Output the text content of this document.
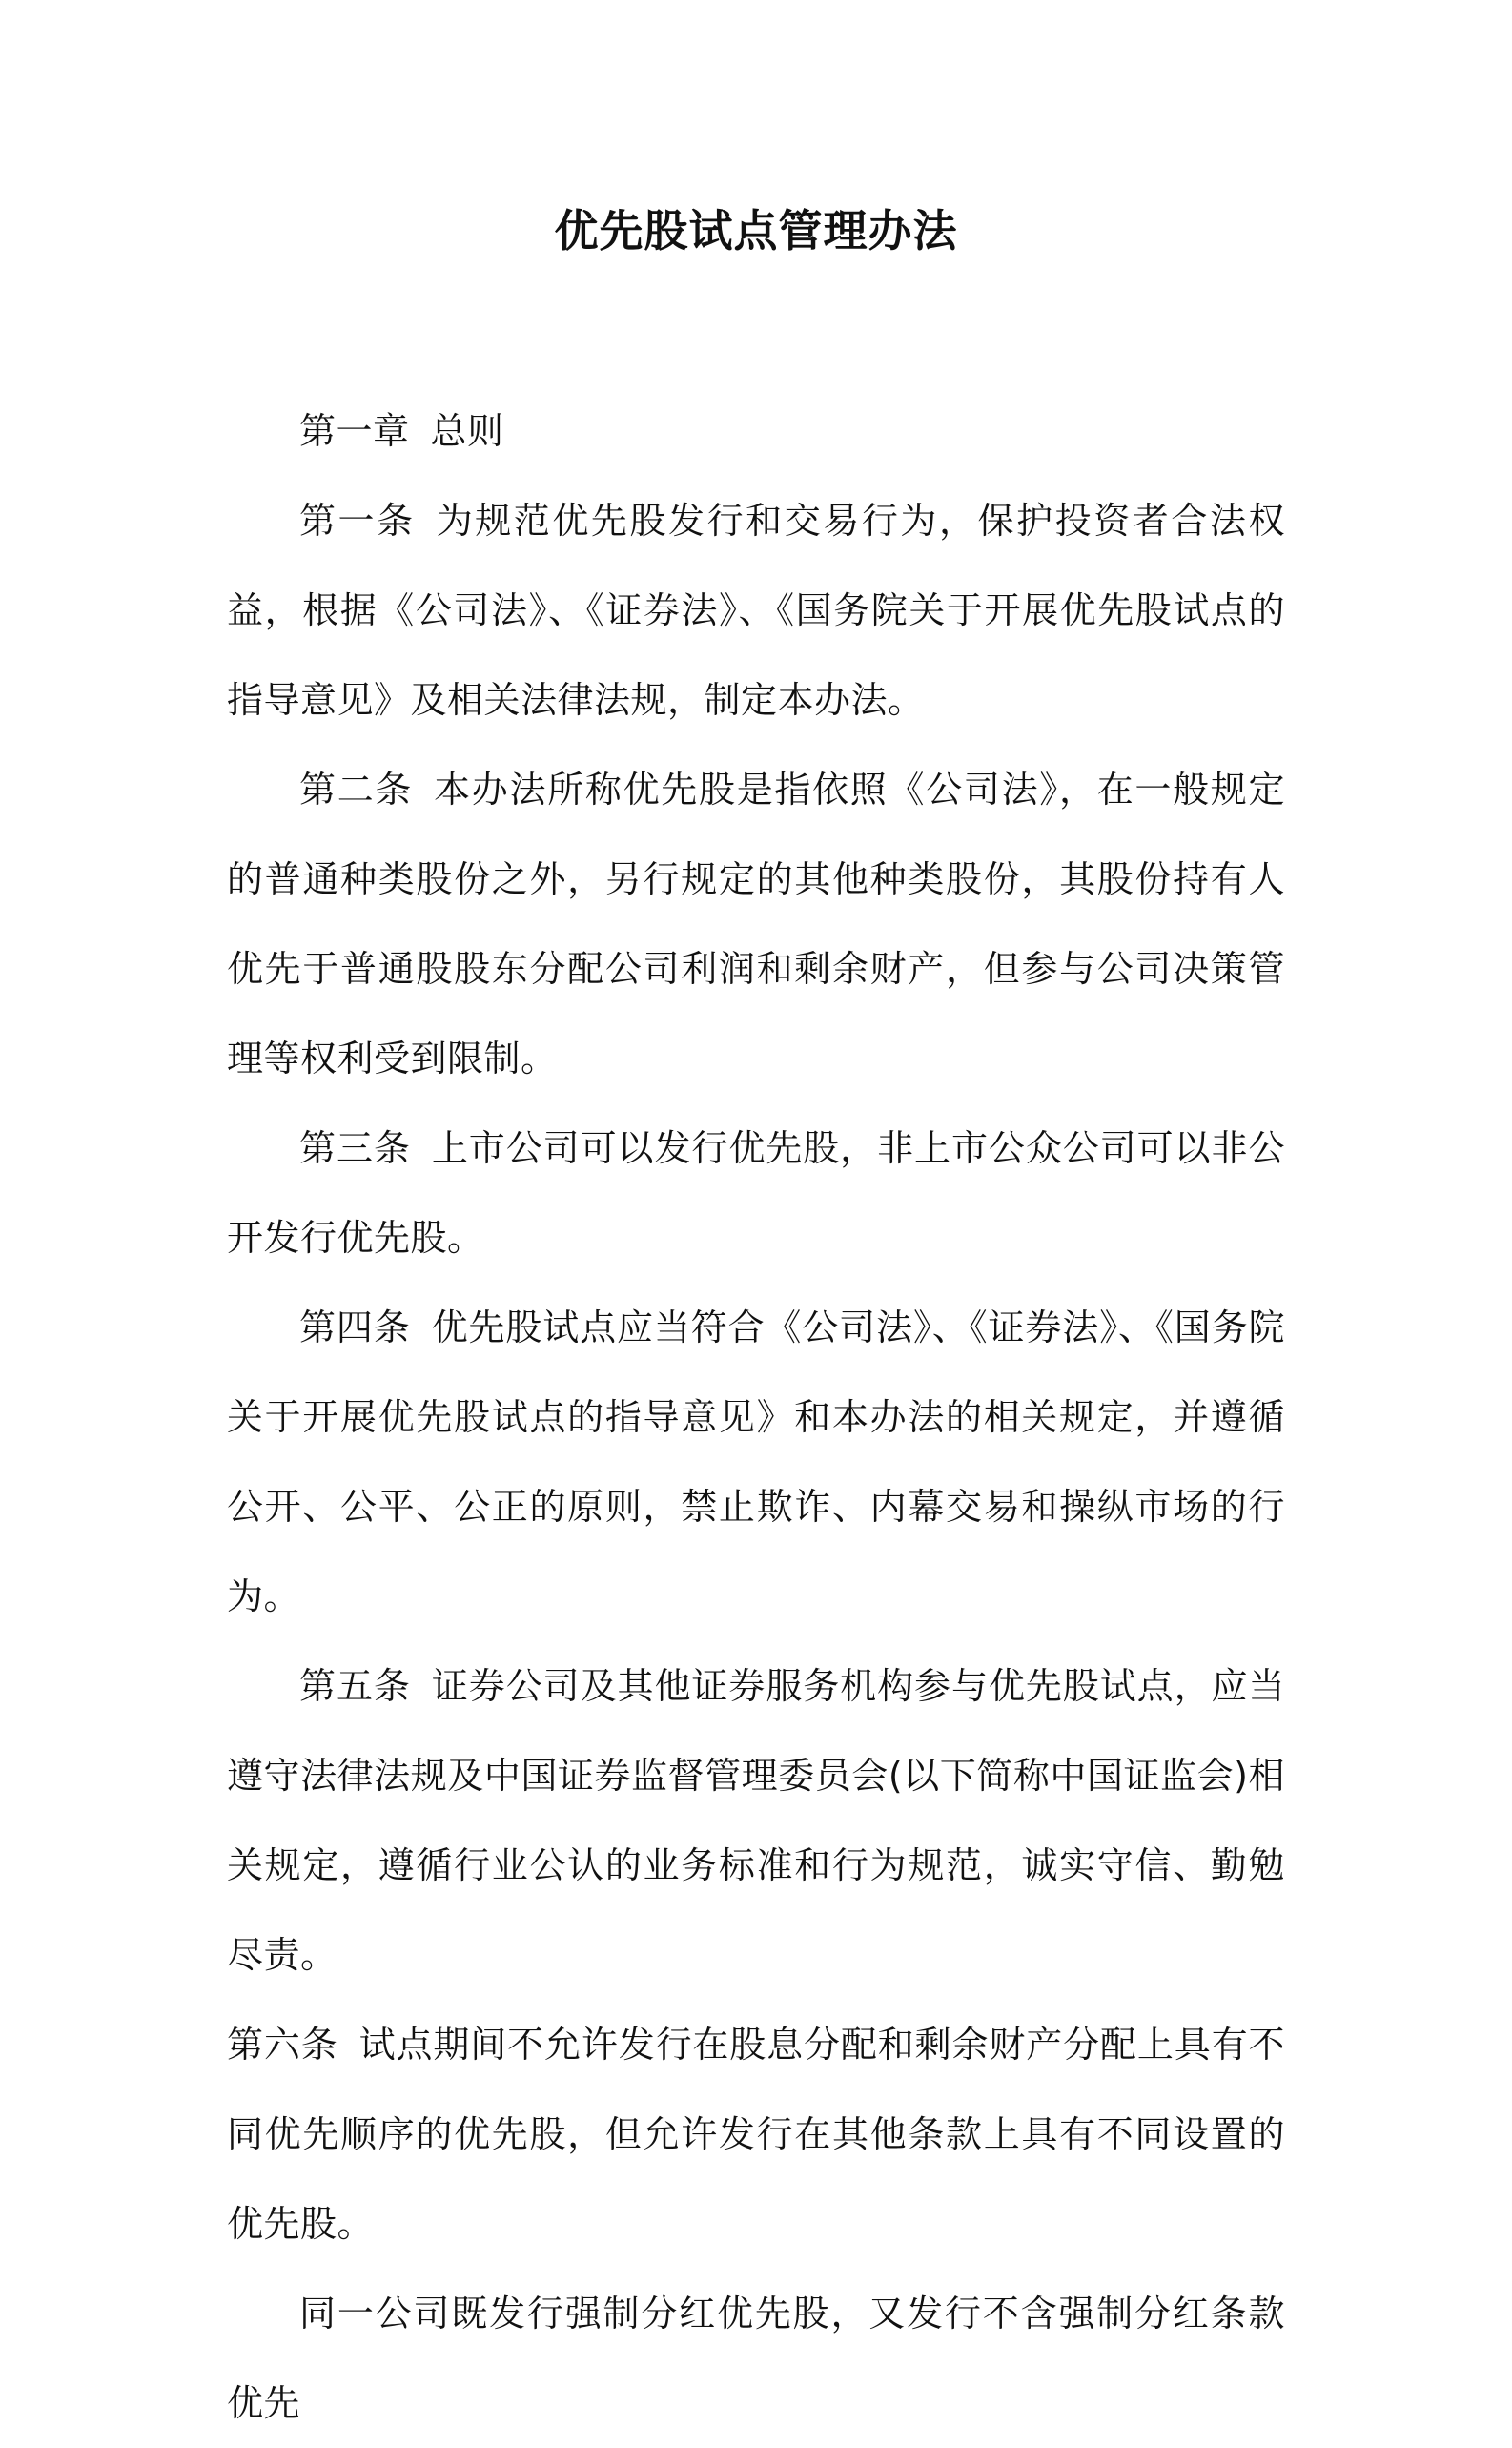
优先股试点管理办法

第一章 总则

第一条 为规范优先股发行和交易行为，保护投资者合法权益，根据《公司法》、《证券法》、《国务院关于开展优先股试点的指导意见》及相关法律法规，制定本办法。

第二条 本办法所称优先股是指依照《公司法》，在一般规定的普通种类股份之外，另行规定的其他种类股份，其股份持有人优先于普通股股东分配公司利润和剩余财产，但参与公司决策管理等权利受到限制。

第三条 上市公司可以发行优先股，非上市公众公司可以非公开发行优先股。

第四条 优先股试点应当符合《公司法》、《证券法》、《国务院关于开展优先股试点的指导意见》和本办法的相关规定，并遵循公开、公平、公正的原则，禁止欺诈、内幕交易和操纵市场的行为。

第五条 证券公司及其他证券服务机构参与优先股试点，应当遵守法律法规及中国证券监督管理委员会(以下简称中国证监会)相关规定，遵循行业公认的业务标准和行为规范，诚实守信、勤勉尽责。

第六条 试点期间不允许发行在股息分配和剩余财产分配上具有不同优先顺序的优先股，但允许发行在其他条款上具有不同设置的优先股。

同一公司既发行强制分红优先股，又发行不含强制分红条款优先
